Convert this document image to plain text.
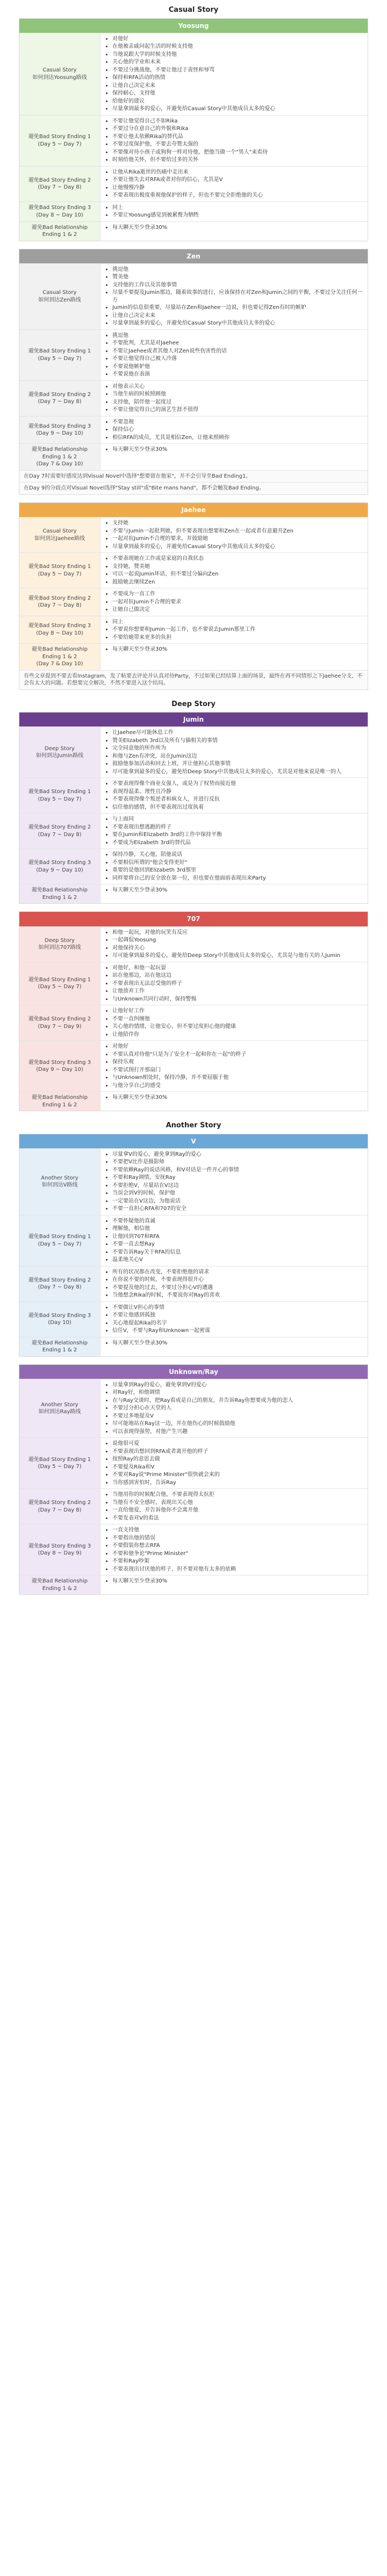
Casual Story
Yoosung
Casual Story
如何到达Yoosung路线
• 对他好
• 在他被亲戚问起生活的时候支持他
• 当他说跟大学的时候支持他
• 关心他的学业和未来
• 不要过分挑战他，不要让他过于责怪和辱骂
• 保持和RFA活动的热情
• 让他自己决定未来
• 保持耐心，支持他
• 给他好的建议
• 尽量拿到最多的爱心，并避免给Casual Story中其他成员太多的爱心
避免Bad Story Ending 1
(Day 5 ~ Day 7)
• 不要让他觉得自己不如Rika
• 不要过分在意自己的外貌和Rika
• 不要让他太依赖Rika的替代品
• 不要过度保护他，不要去夸赞太强的
• 不要像对待小孩子或狗狗一样对待他，把他当做一个"男人"来看待
• 时刻给他关怀，但不要给过多的关怀
避免Bad Story Ending 2
(Day 7 ~ Day 8)
• 让他从Rika逝世的伤痛中走出来
• 不要让他失去对RFA或者对你的信心，尤其是V
• 让他慢慢冷静
• 不要表现出极度重视他保护的样子，但也不要完全拒绝他的关心
避免Bad Story Ending 3
(Day 8 ~ Day 10)
• 同上
• 不要让Yoosung感觉到被累赘为牺牲
避免Bad Relationship
Ending 1 & 2
• 每天聊天至少登录30%
Zen
Casual Story
如何到达Zen路线
• 挑逗他
• 赞美他
• 支持他的工作以及其他事情
• 尽量不要提及Jumin那边，随着故事的进行，应该保持在对Zen和Jumin之间的平衡，不要过分关注任何一方
• Jumin的信息很重要，尽量站在Zen和Jaehee一边说，但也要记得Zen有时的嫉妒
• 让他自己决定未来
• 尽量拿到最多的爱心，并避免给Casual Story中其他成员太多的爱心
避免Bad Story Ending 1
(Day 5 ~ Day 7)
• 挑逗他
• 不要批判，尤其是对Jaehee
• 不要让Jaehee或者其他人对Zen说些伤害性的话
• 不要让他觉得自己被人冷落
• 不要说他嫉妒他
• 不要说他在表演
避免Bad Story Ending 2
(Day 7 ~ Day 8)
• 对他表示关心
• 当他生病的时候照顾他
• 支持他，陪伴他一起度过
• 不要让他觉得自己的演艺生涯不值得
避免Bad Story Ending 3
(Day 9 ~ Day 10)
• 不要忽视
• 保持信心
• 相信RFA的成员，尤其是相信Zen，让他来照顾你
避免Bad Relationship
Ending 1 & 2
(Day 7 & Day 10)
• 每天聊天至少登录30%
在Day 7时需要好感度达到Visual Novel中选择"想要留在他家"，并不会引导至Bad Ending1。
在Day 9的分歧点对Visual Novel选择"Stay still"或"Bite mans hand"，都不会触发Bad Ending。
Jaehee
Casual Story
如何到达Jaehee路线
• 支持她
• 不要与Jumin一起批判她，但不要表现出想要和Zen在一起或者有意避开Zen
• 一起对抗Jumin不合理的要求，并鼓励她
• 尽量拿到最多的爱心，并避免给Casual Story中其他成员太多的爱心
避免Bad Story Ending 1
(Day 5 ~ Day 7)
• 不要表现她在工作或是家庭的自我状态
• 支持她，赞美她
• 可以一起说Jumin坏话，但不要过分偏向Zen
• 鼓励她去继续Zen
避免Bad Story Ending 2
(Day 7 ~ Day 8)
• 不要成为一直工作
• 一起对抗Jumin不合理的要求
• 让她自己做决定
避免Bad Story Ending 3
(Day 8 ~ Day 10)
• 同上
• 不要说你想要和Jumin一起工作，也不要说去Jumin那里工作
• 不要给她带来更多的负担
避免Bad Relationship
Ending 1 & 2
(Day 7 & Day 10)
• 每天聊天至少登录30%
有些文章提到不要去看Instagram，发了帖要去评论并认真对待Party，不过如果已经结算上面的场景，最终在再不同情形之下Jaehee分支，不会有太大的问题。若想要完全解决，不然不要进入这个结局。
Deep Story
Jumin
Deep Story
如何到达Jumin路线
• 让Jaehee尽可能休息工作
• 赞美Elizabeth 3rd以及所有与猫相关的事情
• 完全同意他的所作所为
• 和他与Zen有冲突，站在Jumin这边
• 鼓励他参加活动和回去上班，并让他担心其他事情
• 尽可能拿到最多的爱心，避免给Deep Story中其他成员太多的爱心，尤其是对他来说是唯一的人
避免Bad Story Ending 1
(Day 5 ~ Day 7)
• 不要表现得像个商业女强人，或是为了权势而接近他
• 表现得温柔、理性且冷静
• 不要表现得像个叛逆者和疯女人，并进行反抗
• 信任他的感情，但不要表现出过度执着
避免Bad Story Ending 2
(Day 7 ~ Day 8)
• 与上面同
• 不要表现出想逃跑的样子
• 要在Jumin和Elizabeth 3rd的工作中保持平衡
• 不要成为Elizabeth 3rd的替代品
避免Bad Story Ending 3
(Day 9 ~ Day 10)
• 保持冷静，关心他，陪他说话
• 不要相信所谓的"他会变得更好"
• 重要的是他回到Elizabeth 3rd那里
• 同样要将自己的安全放在第一位，但也要在他面前表现出来Party
避免Bad Relationship
Ending 1 & 2
• 每天聊天至少登录30%
707
Deep Story
如何到达707路线
• 和他一起玩，对他的玩笑有反应
• 一起调侃Yoosung
• 对他保持关心
• 尽可能拿到最多的爱心，避免给Deep Story中其他成员太多的爱心，尤其是与他有关的人Jumin
避免Bad Story Ending 1
(Day 5 ~ Day 7)
• 对他好，和他一起玩耍
• 站在他那边，站在他这边
• 不要表现出无法忍受他的样子
• 让他放弃工作
• 与Unknown共同行动时，保持警惕
避免Bad Story Ending 2
(Day 7 ~ Day 9)
• 让他好好工作
• 不要一直纠缠他
• 关心他的情绪，让他安心，但不要过度担心他的健康
• 让他陪伴你
避免Bad Story Ending 3
(Day 9 ~ Day 10)
• 对他好
• 不要认真对待他"只是为了安全才一起和你在一起"的样子
• 保持乐观
• 不要试图打开那扇门
• 与Unknown相处时，保持冷静，并不要屈服于他
• 与他分享自己的感受
避免Bad Relationship
Ending 1 & 2
• 每天聊天至少登录30%
Another Story
V
Another Story
如何到达V路线
• 尽量拿V的爱心，避免拿到Ray的爱心
• 不要把V比作是摄影师
• 不要依赖Ray的说话风格，和V对话是一件开心的事情
• 不要和Ray调情，安抚Ray
• 不要拒绝V，尽量站在V这边
• 当误会到V的时候，保护他
• 一定要站在V这边，为他说话
• 不要一直担心RFA和707的安全
避免Bad Story Ending 1
(Day 5 ~ Day 7)
• 不要怀疑他的真诚
• 理解他，相信他
• 让他回到707和RFA
• 不要一直去想Ray
• 不要告诉Ray关于RFA的信息
• 温柔地关心V
避免Bad Story Ending 2
(Day 7 ~ Day 8)
• 所有的状况都在改变，不要拒绝他的请求
• 在你说不要的时候，不要表现得很开心
• 不要提及他的过去，不要过分担心V的遭遇
• 当他想念Rika的时候，不要说你对Ray的喜欢
避免Bad Story Ending 3
(Day 10)
• 不要做让V担心的事情
• 不要让他感到孤独
• 关心地提起Rika的名字
• 信任V，不要与Ray和Unknown一起密谋
避免Bad Relationship
Ending 1 & 2
• 每天聊天至少登录30%
Unknown/Ray
Another Story
如何到达Ray路线
• 尽量拿到Ray的爱心，避免拿到V的爱心
• 对Ray好，和他调情
• 在与Ray交谈时，把Ray看成是自己的朋友，并告诉Ray你想要成为他的恋人
• 不要过分担心在天堂的人
• 不要过多地提及V
• 尽可能地站在Ray这一边，并在他伤心的时候鼓励他
• 可以表现得强势，对他产生兴趣
避免Bad Story Ending 1
(Day 5 ~ Day 7)
• 说他很可爱
• 不要表现出想回到RFA或者离开他的样子
• 按照Ray的意思去做
• 不要提及Rika和V
• 不要对Ray说"Prime Minister"很快就会来的
• 当你感到害怕时，告诉Ray
避免Bad Story Ending 2
(Day 7 ~ Day 8)
• 当他用你的时候配合他，不要表现得太抗拒
• 当他有不安全感时，表现出关心他
• 一直给他爱，并告诉他你不会离开他
• 不要发表对V的看法
避免Bad Story Ending 3
(Day 8 ~ Day 9)
• 一直支持他
• 不要指出他的错误
• 不要假装你想去RFA
• 不要和他争论"Prime Minister"
• 不要和Ray吵架
• 不要表现出讨厌他的样子，但不要对他有太多的依赖
避免Bad Relationship
Ending 1 & 2
• 每天聊天至少登录30%
